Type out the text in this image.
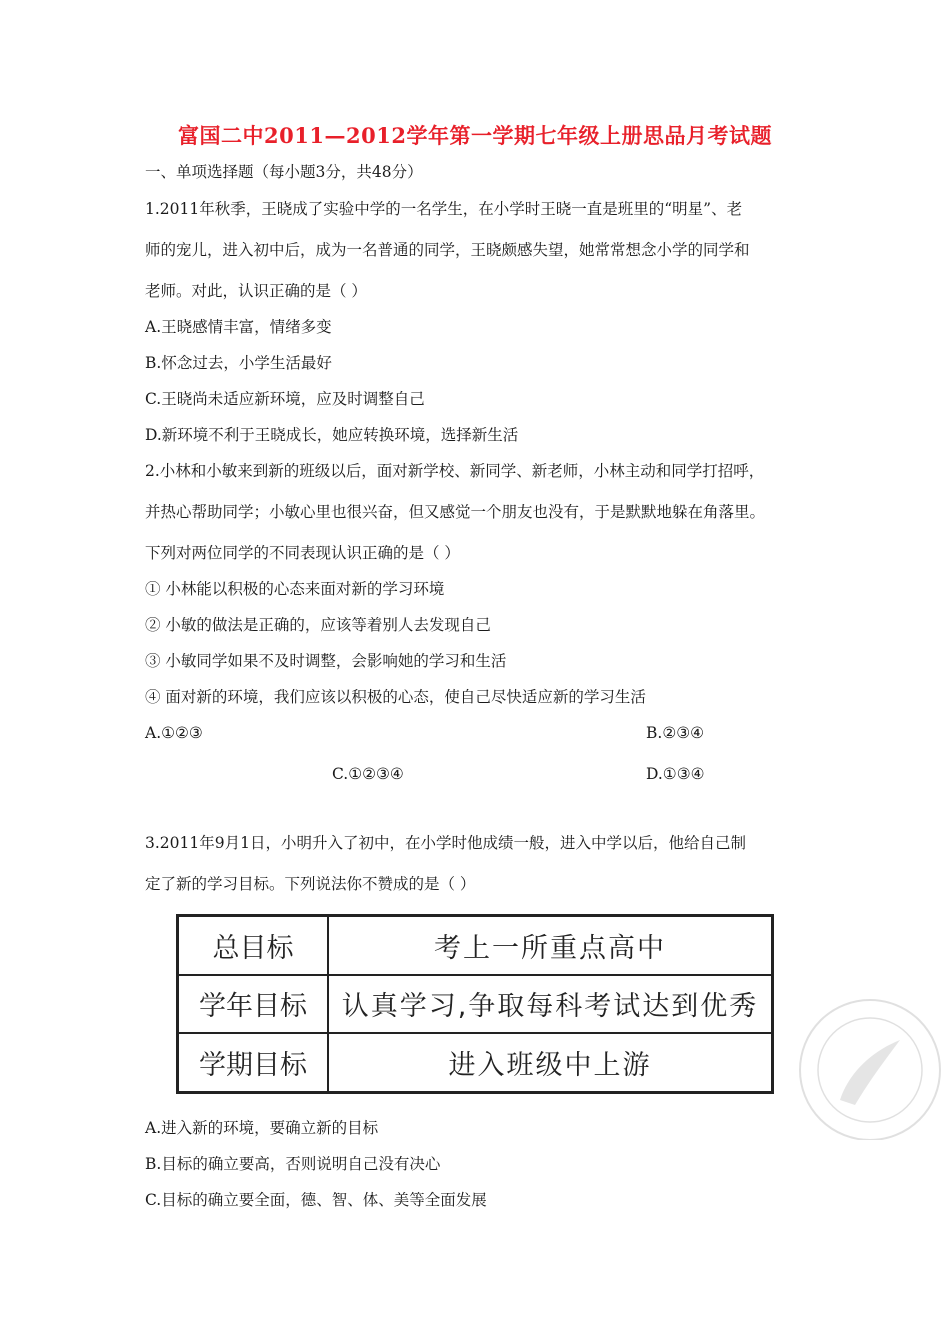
富国二中2011—2012学年第一学期七年级上册思品月考试题
一、单项选择题（每小题3分，共48分）
1.2011年秋季，王晓成了实验中学的一名学生，在小学时王晓一直是班里的“明星”、老
师的宠儿，进入初中后，成为一名普通的同学，王晓颇感失望，她常常想念小学的同学和
老师。对此，认识正确的是（ ）
A.王晓感情丰富，情绪多变
B.怀念过去，小学生活最好
C.王晓尚未适应新环境，应及时调整自己
D.新环境不利于王晓成长，她应转换环境，选择新生活
2.小林和小敏来到新的班级以后，面对新学校、新同学、新老师，小林主动和同学打招呼，
并热心帮助同学；小敏心里也很兴奋，但又感觉一个朋友也没有，于是默默地躲在角落里。
下列对两位同学的不同表现认识正确的是（ ）
① 小林能以积极的心态来面对新的学习环境
② 小敏的做法是正确的，应该等着别人去发现自己
③ 小敏同学如果不及时调整，会影响她的学习和生活
④ 面对新的环境，我们应该以积极的心态，使自己尽快适应新的学习生活
A.①②③	B.②③④
C.①②③④	D.①③④
3.2011年9月1日，小明升入了初中，在小学时他成绩一般，进入中学以后，他给自己制
定了新的学习目标。下列说法你不赞成的是（ ）
总目标	考上一所重点高中
学年目标	认真学习,争取每科考试达到优秀
学期目标	进入班级中上游
A.进入新的环境，要确立新的目标
B.目标的确立要高，否则说明自己没有决心
C.目标的确立要全面，德、智、体、美等全面发展
